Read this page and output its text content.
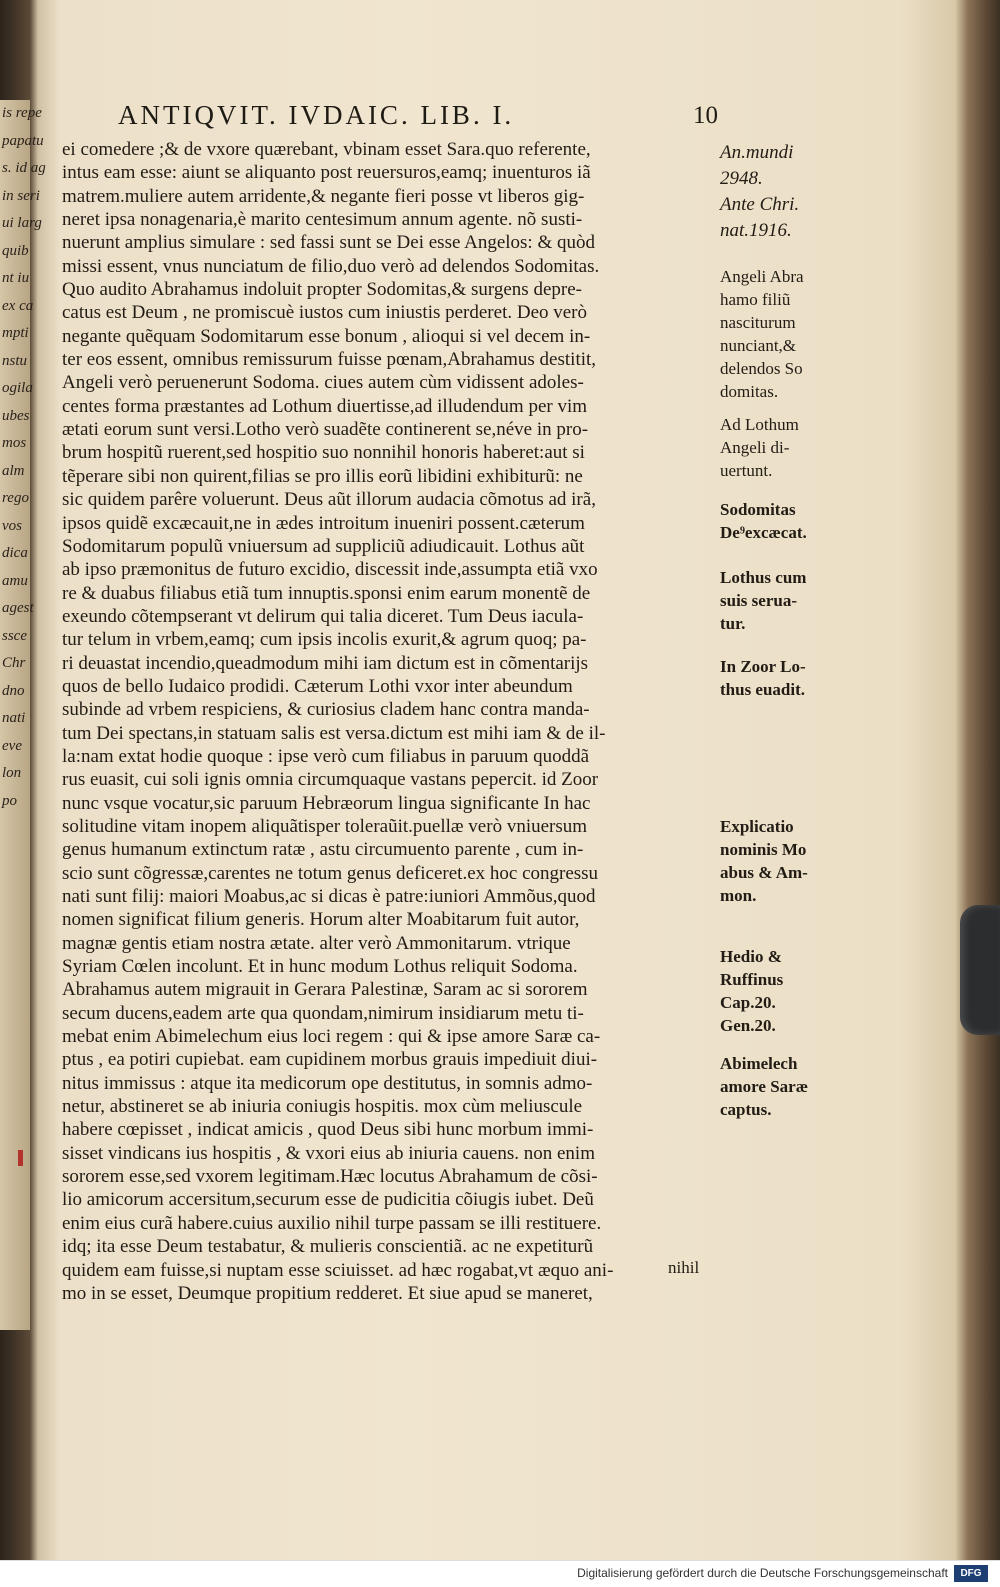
is repe
papatu
s. id ag
in seri
ui larg
quib
nt iu
ex ca
mpti
nstu
ogila
ubes
mos
alm
rego
vos
dica
amu
agest
ssce
Chr
dno
nati
eve
lon
po
ANTIQVIT. IVDAIC. LIB. I.	10
ei comedere ;& de vxore quærebant, vbinam esset Sara.quo referente,
intus eam esse: aiunt se aliquanto post reuersuros,eamq; inuenturos iã
matrem.muliere autem arridente,& negante fieri posse vt liberos gig-
neret ipsa nonagenaria,è marito centesimum annum agente. nõ susti-
nuerunt amplius simulare : sed fassi sunt se Dei esse Angelos: & quòd
missi essent, vnus nunciatum de filio,duo verò ad delendos Sodomitas.
Quo audito Abrahamus indoluit propter Sodomitas,& surgens depre-
catus est Deum , ne promiscuè iustos cum iniustis perderet. Deo verò
negante quẽquam Sodomitarum esse bonum , alioqui si vel decem in-
ter eos essent, omnibus remissurum fuisse pœnam,Abrahamus destitit,
Angeli verò peruenerunt Sodoma. ciues autem cùm vidissent adoles-
centes forma præstantes ad Lothum diuertisse,ad illudendum per vim
ætati eorum sunt versi.Lotho verò suadẽte continerent se,néve in pro-
brum hospitũ ruerent,sed hospitio suo nonnihil honoris haberet:aut si
tẽperare sibi non quirent,filias se pro illis eorũ libidini exhibiturũ: ne
sic quidem parêre voluerunt. Deus aũt illorum audacia cõmotus ad irã,
ipsos quidẽ excæcauit,ne in ædes introitum inueniri possent.cæterum
Sodomitarum populũ vniuersum ad suppliciũ adiudicauit. Lothus aũt
ab ipso præmonitus de futuro excidio, discessit inde,assumpta etiã vxo
re & duabus filiabus etiã tum innuptis.sponsi enim earum monentẽ de
exeundo cõtempserant vt delirum qui talia diceret. Tum Deus iacula-
tur telum in vrbem,eamq; cum ipsis incolis exurit,& agrum quoq; pa-
ri deuastat incendio,queadmodum mihi iam dictum est in cõmentarijs
quos de bello Iudaico prodidi. Cæterum Lothi vxor inter abeundum
subinde ad vrbem respiciens, & curiosius cladem hanc contra manda-
tum Dei spectans,in statuam salis est versa.dictum est mihi iam & de il-
la:nam extat hodie quoque : ipse verò cum filiabus in paruum quoddã
rus euasit, cui soli ignis omnia circumquaque vastans pepercit. id Zoor
nunc vsque vocatur,sic paruum Hebræorum lingua significante In hac
solitudine vitam inopem aliquãtisper toleraũit.puellæ verò vniuersum
genus humanum extinctum ratæ , astu circumuento parente , cum in-
scio sunt cõgressæ,carentes ne totum genus deficeret.ex hoc congressu
nati sunt filij: maiori Moabus,ac si dicas è patre:iuniori Ammõus,quod
nomen significat filium generis. Horum alter Moabitarum fuit autor,
magnæ gentis etiam nostra ætate. alter verò Ammonitarum. vtrique
Syriam Cœlen incolunt. Et in hunc modum Lothus reliquit Sodoma.
Abrahamus autem migrauit in Gerara Palestinæ, Saram ac si sororem
secum ducens,eadem arte qua quondam,nimirum insidiarum metu ti-
mebat enim Abimelechum eius loci regem : qui & ipse amore Saræ ca-
ptus , ea potiri cupiebat. eam cupidinem morbus grauis impediuit diui-
nitus immissus : atque ita medicorum ope destitutus, in somnis admo-
netur, abstineret se ab iniuria coniugis hospitis. mox cùm meliuscule
habere cœpisset , indicat amicis , quod Deus sibi hunc morbum immi-
sisset vindicans ius hospitis , & vxori eius ab iniuria cauens. non enim
sororem esse,sed vxorem legitimam.Hæc locutus Abrahamum de cõsi-
lio amicorum accersitum,securum esse de pudicitia cõiugis iubet. Deũ
enim eius curã habere.cuius auxilio nihil turpe passam se illi restituere.
idq; ita esse Deum testabatur, & mulieris conscientiã. ac ne expetiturũ
quidem eam fuisse,si nuptam esse sciuisset. ad hæc rogabat,vt æquo ani-
mo in se esset, Deumque propitium redderet. Et siue apud se maneret,
An.mundi
2948.
Ante Chri.
nat.1916.
Angeli Abra
hamo filiũ
nasciturum
nunciant,&
delendos So
domitas.
Ad Lothum
Angeli di-
uertunt.
Sodomitas
De⁹excæcat.
Lothus cum
suis serua-
tur.
In Zoor Lo-
thus euadit.
Explicatio
nominis Mo
abus & Am-
mon.
Hedio &
Ruffinus
Cap.20.
Gen.20.
Abimelech
amore Saræ
captus.
nihil
Digitalisierung gefördert durch die Deutsche Forschungsgemeinschaft	DFG
